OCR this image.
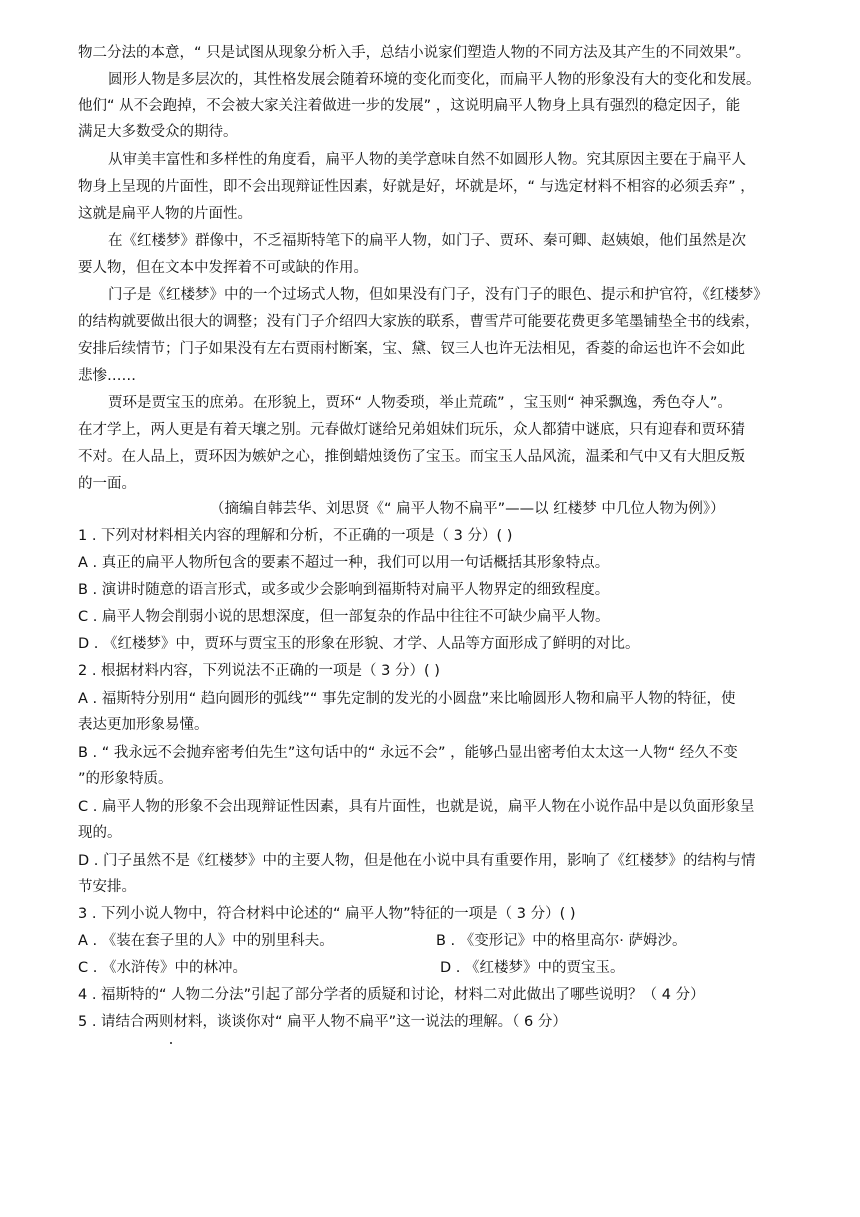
物二分法的本意，“ 只是试图从现象分析入手，总结小说家们塑造人物的不同方法及其产生的不同效果”。
圆形人物是多层次的，其性格发展会随着环境的变化而变化，而扁平人物的形象没有大的变化和发展。
他们“ 从不会跑掉，不会被大家关注着做进一步的发展” ，这说明扁平人物身上具有强烈的稳定因子，能
满足大多数受众的期待。
从审美丰富性和多样性的角度看，扁平人物的美学意味自然不如圆形人物。究其原因主要在于扁平人
物身上呈现的片面性，即不会出现辩证性因素，好就是好，坏就是坏，“ 与选定材料不相容的必须丢弃” ，
这就是扁平人物的片面性。
在《红楼梦》群像中，不乏福斯特笔下的扁平人物，如门子、贾环、秦可卿、赵姨娘，他们虽然是次
要人物，但在文本中发挥着不可或缺的作用。
门子是《红楼梦》中的一个过场式人物，但如果没有门子，没有门子的眼色、提示和护官符，《红楼梦》
的结构就要做出很大的调整；没有门子介绍四大家族的联系，曹雪芹可能要花费更多笔墨铺垫全书的线索，
安排后续情节；门子如果没有左右贾雨村断案，宝、黛、钗三人也许无法相见，香菱的命运也许不会如此
悲惨……
贾环是贾宝玉的庶弟。在形貌上，贾环“ 人物委琐，举止荒疏” ，宝玉则“ 神采飘逸，秀色夺人”。
在才学上，两人更是有着天壤之别。元春做灯谜给兄弟姐妹们玩乐，众人都猜中谜底，只有迎春和贾环猜
不对。在人品上，贾环因为嫉妒之心，推倒蜡烛烫伤了宝玉。而宝玉人品风流，温柔和气中又有大胆反叛
的一面。
（摘编自韩芸华、刘思贤《“ 扁平人物不扁平”——以 红楼梦 中几位人物为例》）
1 . 下列对材料相关内容的理解和分析，不正确的一项是（ 3 分）( )
A . 真正的扁平人物所包含的要素不超过一种，我们可以用一句话概括其形象特点。
B . 演讲时随意的语言形式，或多或少会影响到福斯特对扁平人物界定的细致程度。
C . 扁平人物会削弱小说的思想深度，但一部复杂的作品中往往不可缺少扁平人物。
D . 《红楼梦》中，贾环与贾宝玉的形象在形貌、才学、人品等方面形成了鲜明的对比。
2 . 根据材料内容，下列说法不正确的一项是（ 3 分）( )
A . 福斯特分别用“ 趋向圆形的弧线”“ 事先定制的发光的小圆盘”来比喻圆形人物和扁平人物的特征，使
表达更加形象易懂。
B . “ 我永远不会抛弃密考伯先生”这句话中的“ 永远不会” ，能够凸显出密考伯太太这一人物“ 经久不变
”的形象特质。
C . 扁平人物的形象不会出现辩证性因素，具有片面性，也就是说，扁平人物在小说作品中是以负面形象呈
现的。
D . 门子虽然不是《红楼梦》中的主要人物，但是他在小说中具有重要作用，影响了《红楼梦》的结构与情
节安排。
3 . 下列小说人物中，符合材料中论述的“ 扁平人物”特征的一项是（ 3 分）( )
A . 《装在套子里的人》中的别里科夫。	B . 《变形记》中的格里高尔· 萨姆沙。
C . 《水浒传》中的林冲。	D . 《红楼梦》中的贾宝玉。
4 . 福斯特的“ 人物二分法”引起了部分学者的质疑和讨论，材料二对此做出了哪些说明？（ 4 分）
5 . 请结合两则材料，谈谈你对“ 扁平人物不扁平”这一说法的理解。（ 6 分）
